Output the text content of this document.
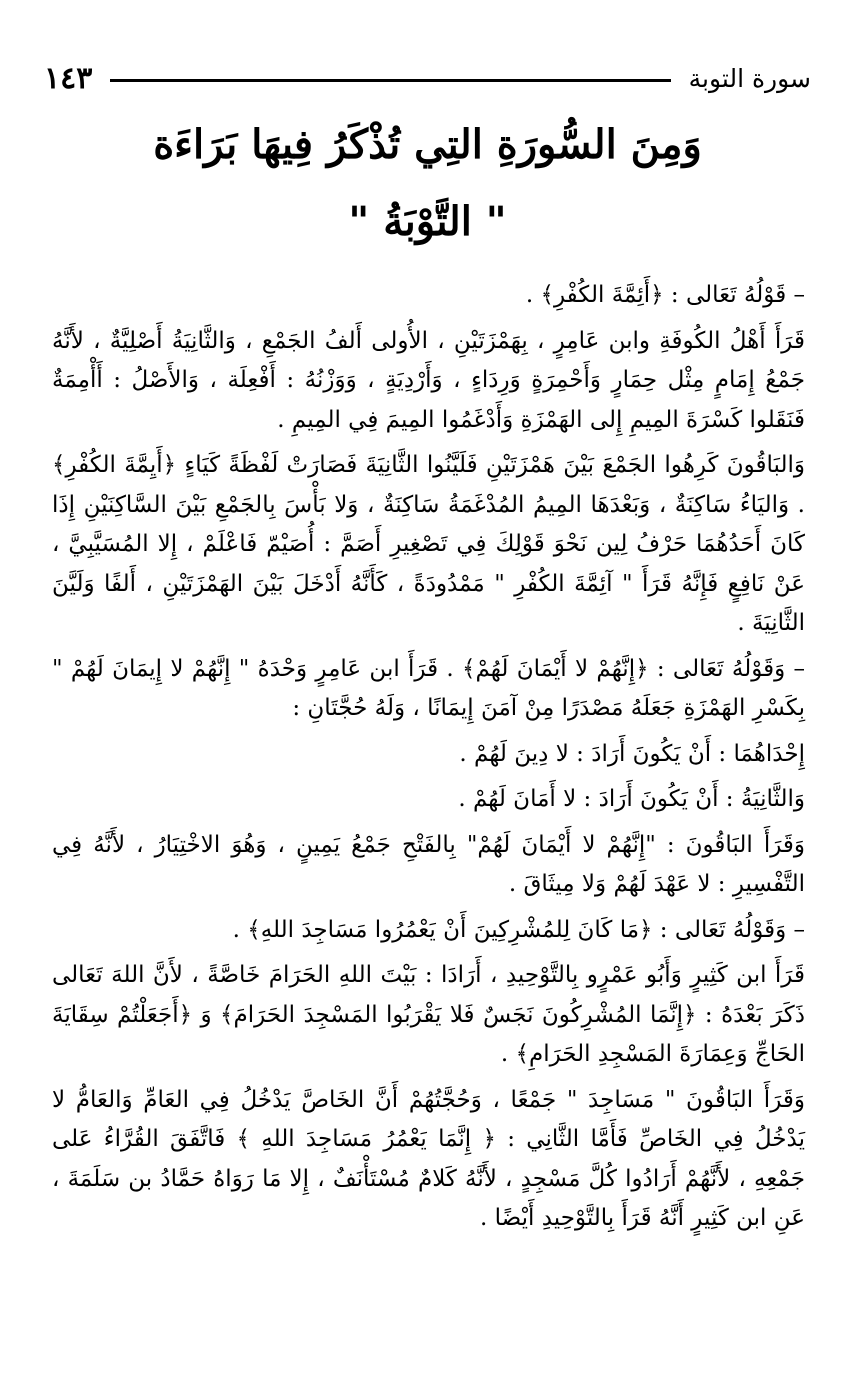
سورة التوبة
١٤٣
وَمِنَ السُّورَةِ التِي تُذْكَرُ فِيهَا بَرَاءَة
" التَّوْبَةُ "

– قَوْلُهُ تَعَالى : ﴿أَئِمَّةَ الكُفْرِ﴾ .

قَرَأَ أَهْلُ الكُوفَةِ وابن عَامِرٍ ، بِهَمْزَتَيْنِ ، الأُولى أَلفُ الجَمْعِ ، وَالثَّانِيَةُ أَصْلِيَّةٌ ، لأَنَّهُ جَمْعُ إِمَامٍ مِثْل حِمَارٍ وَأَحْمِرَةٍ وَرِدَاءٍ ، وَأَرْدِيَةٍ ، وَوَزْنُهُ : أَفْعِلَة ، وَالأَصْلُ : أَأْمِمَةٌ فَنَقَلوا كَسْرَةَ المِيمِ إِلى الهَمْزَةِ وَأَدْغَمُوا المِيمَ فِي المِيمِ .

وَالبَاقُونَ كَرِهُوا الجَمْعَ بَيْنَ هَمْزَتَيْنِ فَلَيَّنُوا الثَّانِيَةَ فَصَارَتْ لَفْظَةً كَيَاءٍ ﴿أَيِمَّةَ الكُفْرِ﴾ . وَاليَاءُ سَاكِنَةٌ ، وَبَعْدَهَا المِيمُ المُدْغَمَةُ سَاكِنَةٌ ، وَلا بَأْسَ بِالجَمْعِ بَيْنَ السَّاكِنَيْنِ إِذَا كَانَ أَحَدُهُمَا حَرْفُ لِين نَحْوَ قَوْلِكَ فِي تَصْغِيرِ أَصَمَّ : أُصَيْمّ فَاعْلَمْ ، إِلا المُسَيَّبِيَّ ، عَنْ نَافِعٍ فَإِنَّهُ قَرَأَ " آئِمَّةَ الكُفْرِ " مَمْدُودَةً ، كَأَنَّهُ أَدْخَلَ بَيْنَ الهَمْزَتَيْنِ ، أَلفًا وَلَيَّنَ الثَّانِيَةَ .

– وَقَوْلُهُ تَعَالى : ﴿إِنَّهُمْ لا أَيْمَانَ لَهُمْ﴾ . قَرَأَ ابن عَامِرٍ وَحْدَهُ " إِنَّهُمْ لا إِيمَانَ لَهُمْ " بِكَسْرِ الهَمْزَةِ جَعَلَهُ مَصْدَرًا مِنْ آمَنَ إِيمَانًا ، وَلَهُ حُجَّتَانِ :

إِحْدَاهُمَا : أَنْ يَكُونَ أَرَادَ : لا دِينَ لَهُمْ .

وَالثَّانِيَةُ : أَنْ يَكُونَ أَرَادَ : لا أَمَانَ لَهُمْ .

وَقَرَأَ البَاقُونَ : "إِنَّهُمْ لا أَيْمَانَ لَهُمْ" بِالفَتْحِ جَمْعُ يَمِينٍ ، وَهُوَ الاخْتِيَارُ ، لأَنَّهُ فِي التَّفْسِيرِ : لا عَهْدَ لَهُمْ وَلا مِيثَاقَ .

– وَقَوْلُهُ تَعَالى : ﴿مَا كَانَ لِلمُشْرِكِينَ أَنْ يَعْمُرُوا مَسَاجِدَ اللهِ﴾ .

قَرَأَ ابن كَثِيرٍ وَأَبُو عَمْرٍو بِالتَّوْحِيدِ ، أَرَادَا : بَيْتَ اللهِ الحَرَامَ خَاصَّةً ، لأَنَّ اللهَ تَعَالى ذَكَرَ بَعْدَهُ : ﴿إِنَّمَا المُشْرِكُونَ نَجَسٌ فَلا يَقْرَبُوا المَسْجِدَ الحَرَامَ﴾ وَ ﴿أَجَعَلْتُمْ سِقَايَةَ الحَاجِّ وَعِمَارَةَ المَسْجِدِ الحَرَامِ﴾ .

وَقَرَأَ البَاقُونَ " مَسَاجِدَ " جَمْعًا ، وَحُجَّتُهُمْ أَنَّ الخَاصَّ يَدْخُلُ فِي العَامِّ وَالعَامُّ لا يَدْخُلُ فِي الخَاصِّ فَأَمَّا الثَّانِي : ﴿ إِنَّمَا يَعْمُرُ مَسَاجِدَ اللهِ ﴾ فَاتَّفَقَ القُرَّاءُ عَلى جَمْعِهِ ، لأَنَّهُمْ أَرَادُوا كُلَّ مَسْجِدٍ ، لأَنَّهُ كَلامٌ مُسْتَأْنَفٌ ، إِلا مَا رَوَاهُ حَمَّادُ بن سَلَمَةَ ، عَنِ ابن كَثِيرٍ أَنَّهُ قَرَأَ بِالتَّوْحِيدِ أَيْضًا .
